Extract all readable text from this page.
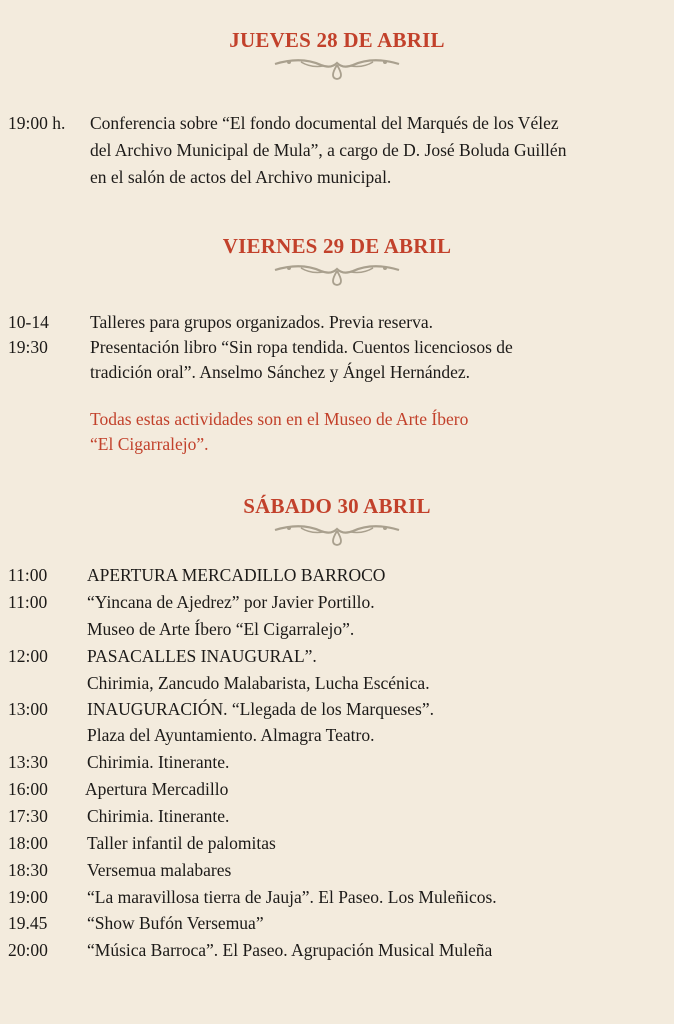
JUEVES 28 DE ABRIL
19:00 h. Conferencia sobre “El fondo documental del Marqués de los Vélez
del Archivo Municipal de Mula”, a cargo de D. José Boluda Guillén
en el salón de actos del Archivo municipal.
VIERNES 29 DE ABRIL
10-14 Talleres para grupos organizados. Previa reserva.
19:30 Presentación libro “Sin ropa tendida. Cuentos licenciosos de
tradición oral”. Anselmo Sánchez y Ángel Hernández.
Todas estas actividades son en el Museo de Arte Íbero
“El Cigarralejo”.
SÁBADO 30 ABRIL
11:00 APERTURA MERCADILLO BARROCO
11:00 “Yincana de Ajedrez” por Javier Portillo.
Museo de Arte Íbero “El Cigarralejo”.
12:00 PASACALLES INAUGURAL”.
Chirimia, Zancudo Malabarista, Lucha Escénica.
13:00 INAUGURACIÓN. “Llegada de los Marqueses”.
Plaza del Ayuntamiento. Almagra Teatro.
13:30 Chirimia. Itinerante.
16:00 Apertura Mercadillo
17:30 Chirimia. Itinerante.
18:00 Taller infantil de palomitas
18:30 Versemua malabares
19:00 “La maravillosa tierra de Jauja”. El Paseo. Los Muleñicos.
19.45 “Show Bufón Versemua”
20:00 “Música Barroca”. El Paseo. Agrupación Musical Muleña
